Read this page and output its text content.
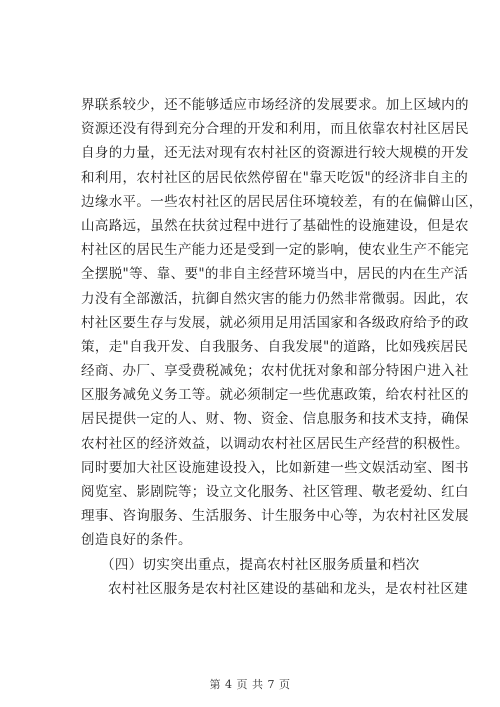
界联系较少，还不能够适应市场经济的发展要求。加上区域内的
资源还没有得到充分合理的开发和利用，而且依靠农村社区居民
自身的力量，还无法对现有农村社区的资源进行较大规模的开发
和利用，农村社区的居民依然停留在"靠天吃饭"的经济非自主的
边缘水平。一些农村社区的居民居住环境较差，有的在偏僻山区，
山高路远，虽然在扶贫过程中进行了基础性的设施建设，但是农
村社区的居民生产能力还是受到一定的影响，使农业生产不能完
全摆脱"等、靠、要"的非自主经营环境当中，居民的内在生产活
力没有全部激活，抗御自然灾害的能力仍然非常微弱。因此，农
村社区要生存与发展，就必须用足用活国家和各级政府给予的政
策，走"自我开发、自我服务、自我发展"的道路，比如残疾居民
经商、办厂、享受费税减免；农村优抚对象和部分特困户进入社
区服务减免义务工等。就必须制定一些优惠政策，给农村社区的
居民提供一定的人、财、物、资金、信息服务和技术支持，确保
农村社区的经济效益，以调动农村社区居民生产经营的积极性。
同时要加大社区设施建设投入，比如新建一些文娱活动室、图书
阅览室、影剧院等；设立文化服务、社区管理、敬老爱幼、红白
理事、咨询服务、生活服务、计生服务中心等，为农村社区发展
创造良好的条件。
（四）切实突出重点，提高农村社区服务质量和档次
农村社区服务是农村社区建设的基础和龙头，是农村社区建
第 4 页 共 7 页
